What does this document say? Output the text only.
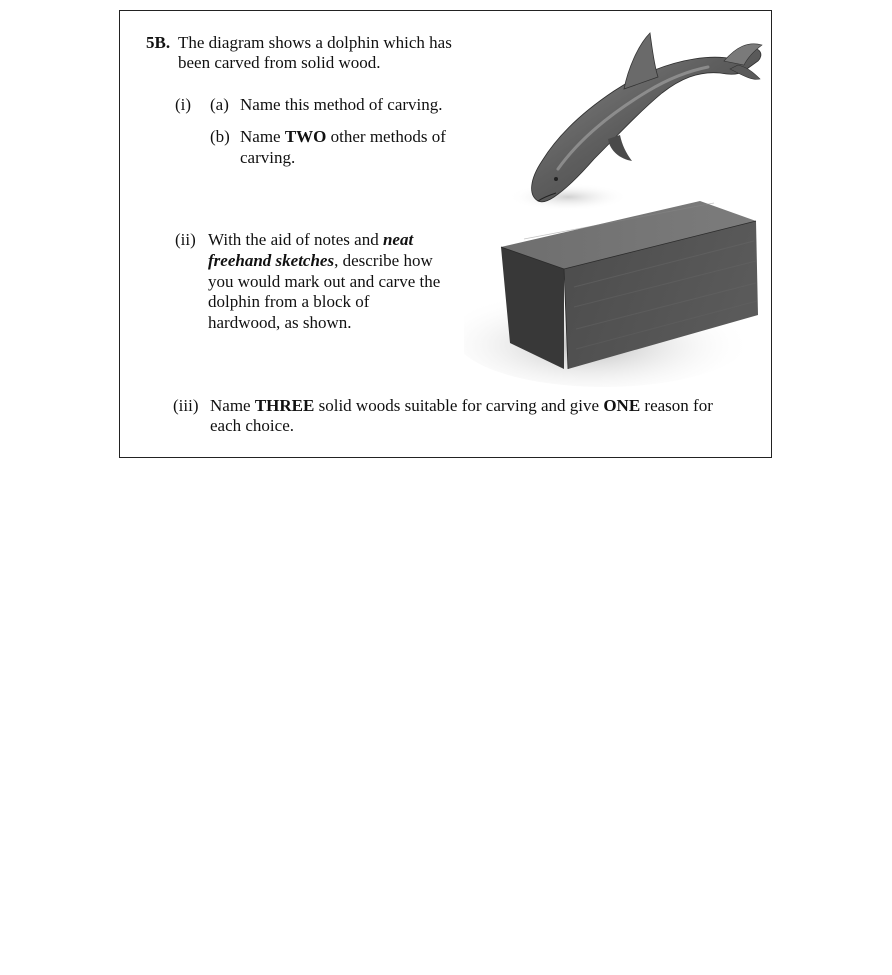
5B. The diagram shows a dolphin which has
been carved from solid wood.
(i) (a) Name this method of carving.
(b) Name TWO other methods of
carving.
(ii) With the aid of notes and neat
freehand sketches, describe how
you would mark out and carve the
dolphin from a block of
hardwood, as shown.
(iii) Name THREE solid woods suitable for carving and give ONE reason for
each choice.
